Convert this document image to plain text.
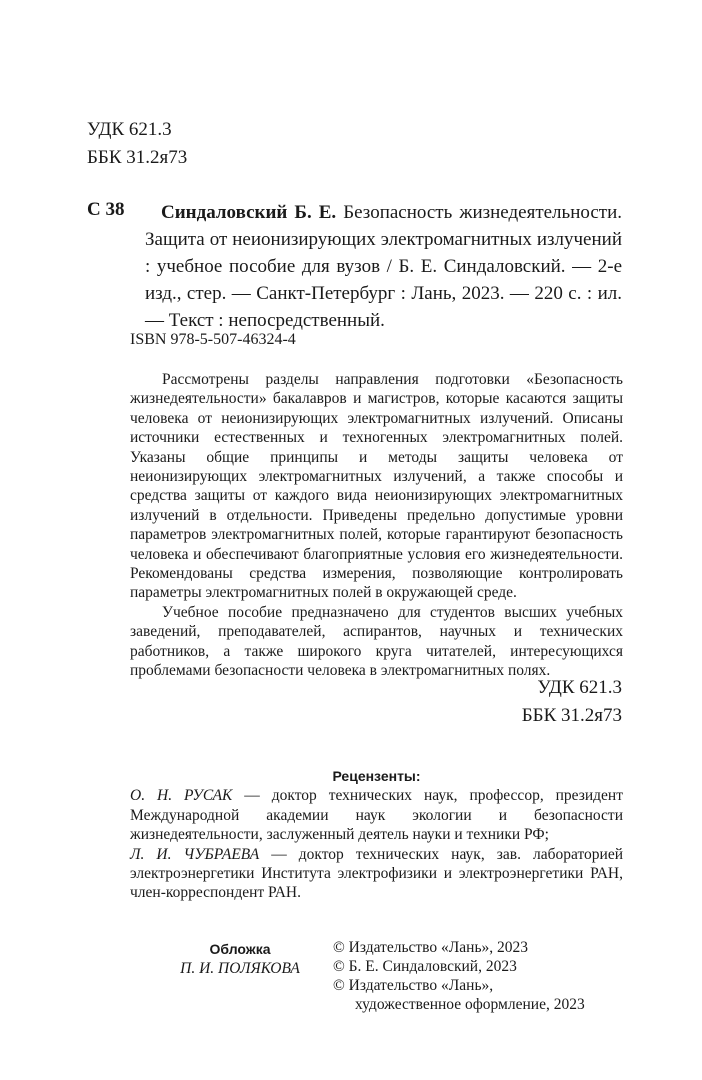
УДК 621.3
ББК 31.2я73
С 38	Синдаловский Б. Е. Безопасность жизнедеятельности. Защита от неионизирующих электромагнитных излучений : учебное пособие для вузов / Б. Е. Синдаловский. — 2-е изд., стер. — Санкт-Петербург : Лань, 2023. — 220 с. : ил. — Текст : непосредственный.
ISBN 978-5-507-46324-4

Рассмотрены разделы направления подготовки «Безопасность жизнедеятельности» бакалавров и магистров, которые касаются защиты человека от неионизирующих электромагнитных излучений. Описаны источники естественных и техногенных электромагнитных полей. Указаны общие принципы и методы защиты человека от неионизирующих электромагнитных излучений, а также способы и средства защиты от каждого вида неионизирующих электромагнитных излучений в отдельности. Приведены предельно допустимые уровни параметров электромагнитных полей, которые гарантируют безопасность человека и обеспечивают благоприятные условия его жизнедеятельности. Рекомендованы средства измерения, позволяющие контролировать параметры электромагнитных полей в окружающей среде.

Учебное пособие предназначено для студентов высших учебных заведений, преподавателей, аспирантов, научных и технических работников, а также широкого круга читателей, интересующихся проблемами безопасности человека в электромагнитных полях.

УДК 621.3
ББК 31.2я73
Рецензенты:

О. Н. РУСАК — доктор технических наук, профессор, президент Международной академии наук экологии и безопасности жизнедеятельности, заслуженный деятель науки и техники РФ;

Л. И. ЧУБРАЕВА — доктор технических наук, зав. лабораторией электроэнергетики Института электрофизики и электроэнергетики РАН, член-корреспондент РАН.

Обложка
П. И. ПОЛЯКОВА
© Издательство «Лань», 2023
© Б. Е. Синдаловский, 2023
© Издательство «Лань»,
художественное оформление, 2023
